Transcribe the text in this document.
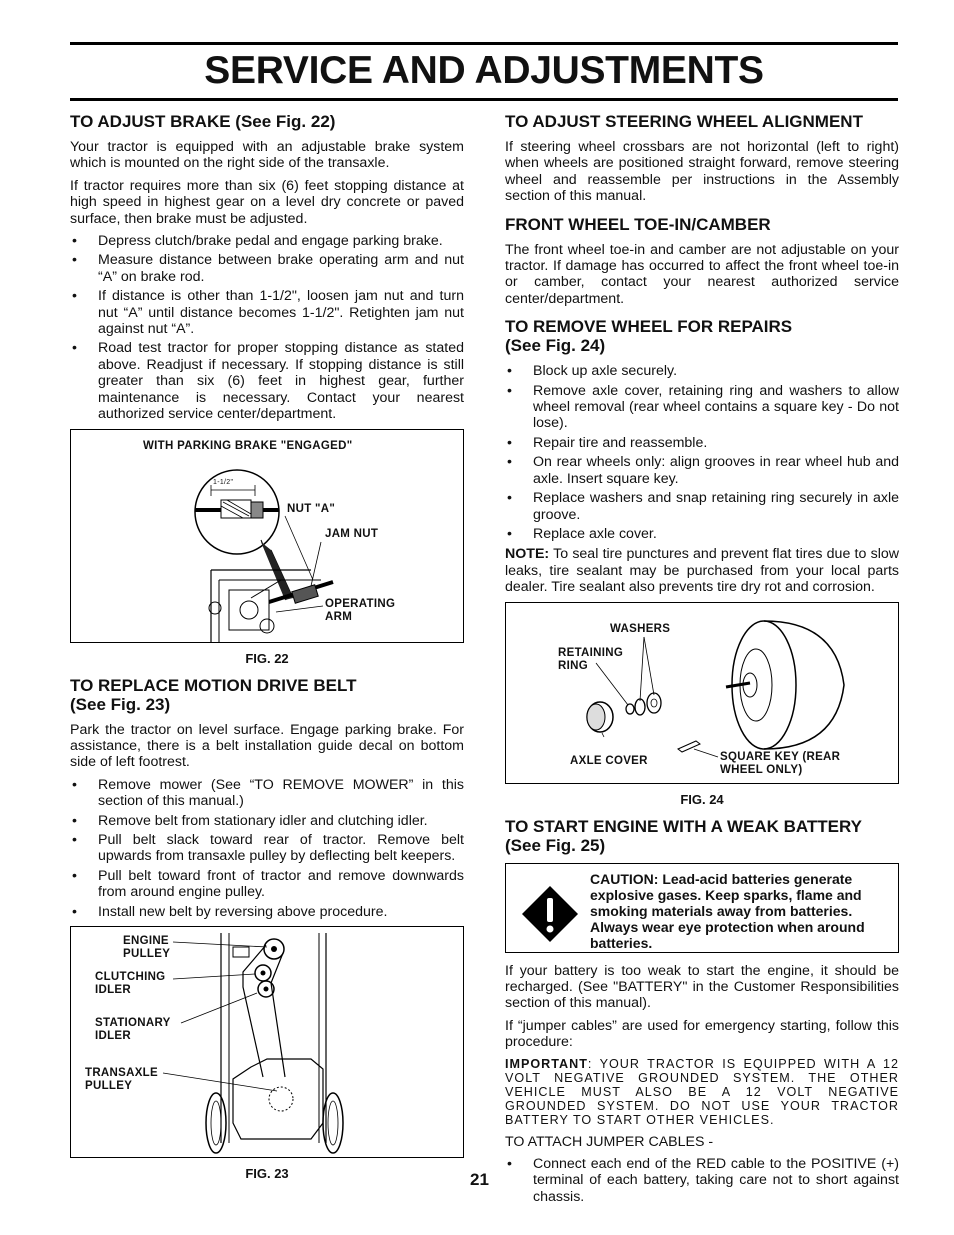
SERVICE AND ADJUSTMENTS
TO ADJUST BRAKE (See Fig. 22)

Your tractor is equipped with an adjustable brake system which is mounted on the right side of the transaxle.

If tractor requires more than six (6) feet stopping distance at high speed in highest gear on a level dry concrete or paved surface, then brake must be adjusted.

• Depress clutch/brake pedal and engage parking brake.
• Measure distance between brake operating arm and nut “A” on brake rod.
• If distance is other than 1-1/2", loosen jam nut and turn nut “A” until distance becomes 1-1/2". Retighten jam nut against nut “A”.
• Road test tractor for proper stopping distance as stated above. Readjust if necessary. If stopping distance is still greater than six (6) feet in highest gear, further maintenance is necessary. Contact your nearest authorized service center/department.
WITH PARKING BRAKE "ENGAGED"
1-1/2"
NUT "A"
JAM NUT
OPERATING
ARM
FIG. 22
TO REPLACE MOTION DRIVE BELT
(See Fig. 23)

Park the tractor on level surface. Engage parking brake. For assistance, there is a belt installation guide decal on bottom side of left footrest.

• Remove mower (See “TO REMOVE MOWER” in this section of this manual.)
• Remove belt from stationary idler and clutching idler.
• Pull belt slack toward rear of tractor. Remove belt upwards from transaxle pulley by deflecting belt keepers.
• Pull belt toward front of tractor and remove downwards from around engine pulley.
• Install new belt by reversing above procedure.
ENGINE
PULLEY
CLUTCHING
IDLER
STATIONARY
IDLER
TRANSAXLE
PULLEY
FIG. 23
TO ADJUST STEERING WHEEL ALIGNMENT

If steering wheel crossbars are not horizontal (left to right) when wheels are positioned straight forward, remove steering wheel and reassemble per instructions in the Assembly section of this manual.

FRONT WHEEL TOE-IN/CAMBER

The front wheel toe-in and camber are not adjustable on your tractor. If damage has occurred to affect the front wheel toe-in or camber, contact your nearest authorized service center/department.

TO REMOVE WHEEL FOR REPAIRS
(See Fig. 24)
• Block up axle securely.
• Remove axle cover, retaining ring and washers to allow wheel removal (rear wheel contains a square key - Do not lose).
• Repair tire and reassemble.
• On rear wheels only: align grooves in rear wheel hub and axle. Insert square key.
• Replace washers and snap retaining ring securely in axle groove.
• Replace axle cover.

NOTE: To seal tire punctures and prevent flat tires due to slow leaks, tire sealant may be purchased from your local parts dealer. Tire sealant also prevents tire dry rot and corrosion.

WASHERS
RETAINING
RING
AXLE COVER	SQUARE KEY (REAR
WHEEL ONLY)
FIG. 24
TO START ENGINE WITH A WEAK BATTERY
(See Fig. 25)
CAUTION: Lead-acid batteries generate explosive gases. Keep sparks, flame and smoking materials away from batteries. Always wear eye protection when around batteries.

If your battery is too weak to start the engine, it should be recharged. (See "BATTERY" in the Customer Responsibilities section of this manual).

If “jumper cables” are used for emergency starting, follow this procedure:

IMPORTANT: YOUR TRACTOR IS EQUIPPED WITH A 12 VOLT NEGATIVE GROUNDED SYSTEM. THE OTHER VEHICLE MUST ALSO BE A 12 VOLT NEGATIVE GROUNDED SYSTEM. DO NOT USE YOUR TRACTOR BATTERY TO START OTHER VEHICLES.

TO ATTACH JUMPER CABLES -

• Connect each end of the RED cable to the POSITIVE (+) terminal of each battery, taking care not to short against chassis.
21
